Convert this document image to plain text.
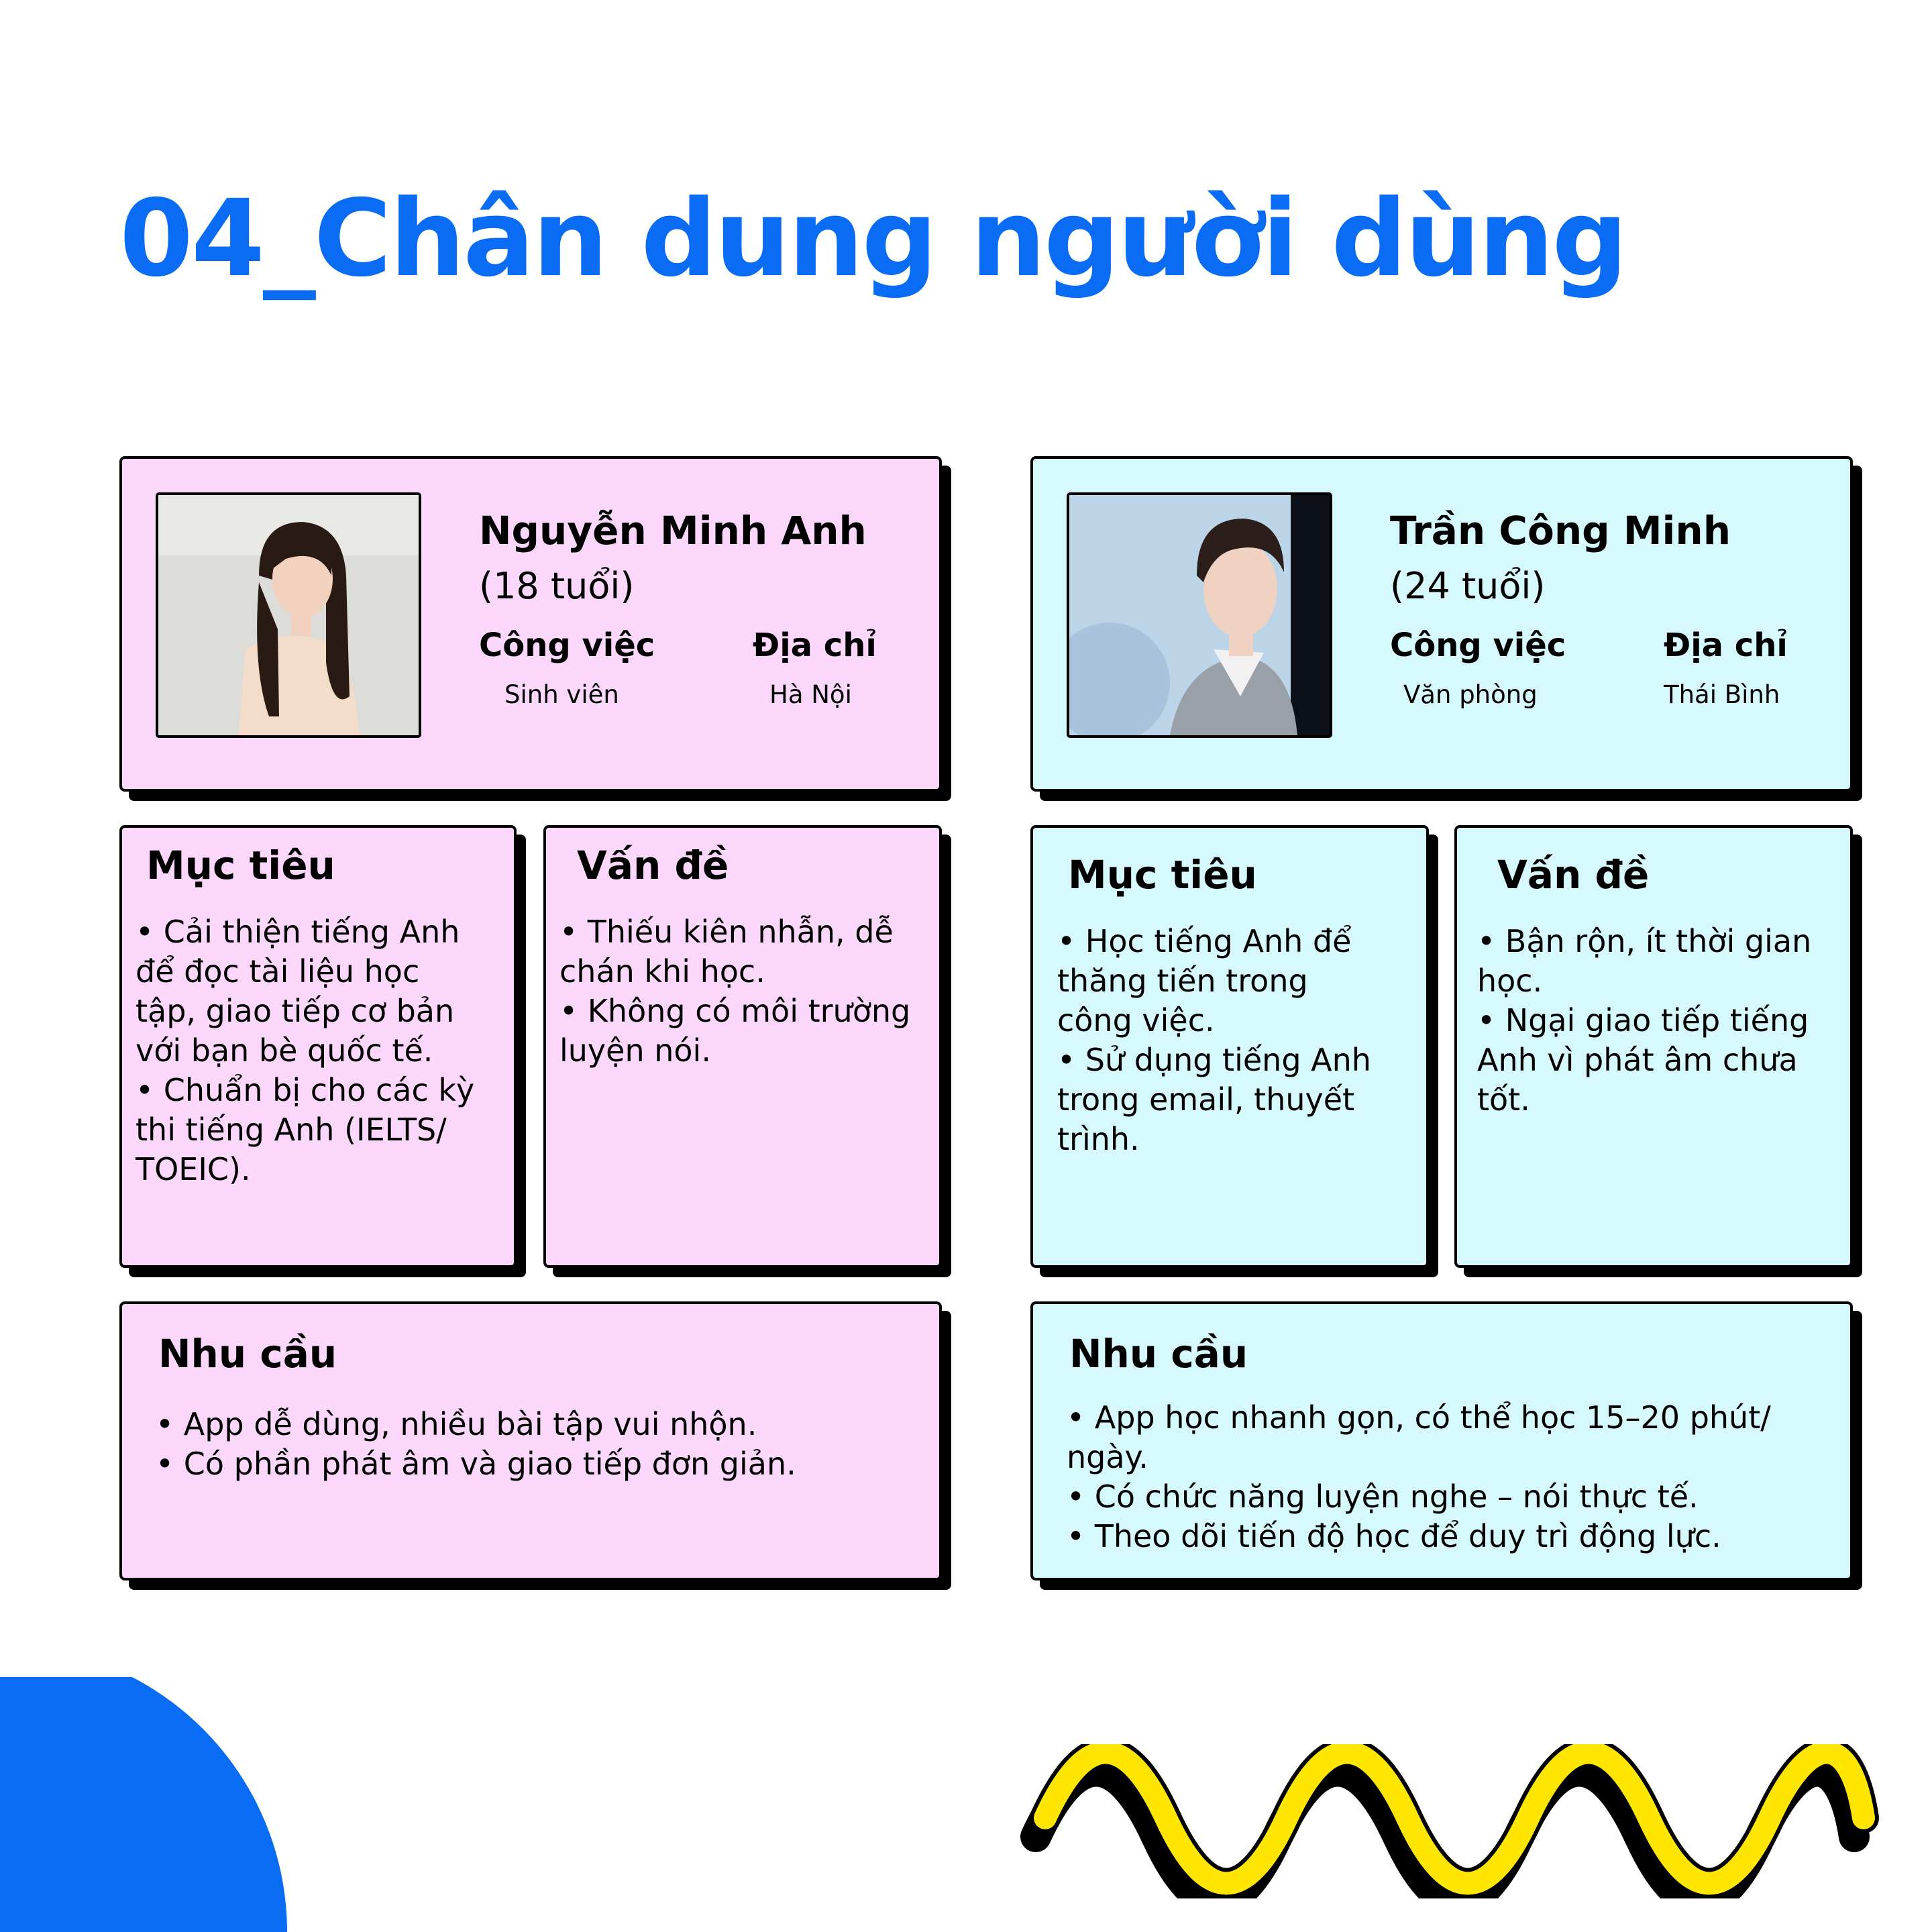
04_Chân dung người dùng
Nguyễn Minh Anh
(18 tuổi)
Công việc
Sinh viên
Địa chỉ
Hà Nội
Mục tiêu
• Cải thiện tiếng Anh
để đọc tài liệu học
tập, giao tiếp cơ bản
với bạn bè quốc tế.
• Chuẩn bị cho các kỳ
thi tiếng Anh (IELTS/
TOEIC).
Vấn đề
• Thiếu kiên nhẫn, dễ
chán khi học.
• Không có môi trường
luyện nói.
Nhu cầu
• App dễ dùng, nhiều bài tập vui nhộn.
• Có phần phát âm và giao tiếp đơn giản.
Trần Công Minh
(24 tuổi)
Công việc
Văn phòng
Địa chỉ
Thái Bình
Mục tiêu
• Học tiếng Anh để
thăng tiến trong
công việc.
• Sử dụng tiếng Anh
trong email, thuyết
trình.
Vấn đề
• Bận rộn, ít thời gian
học.
• Ngại giao tiếp tiếng
Anh vì phát âm chưa
tốt.
Nhu cầu
• App học nhanh gọn, có thể học 15–20 phút/
ngày.
• Có chức năng luyện nghe – nói thực tế.
• Theo dõi tiến độ học để duy trì động lực.
